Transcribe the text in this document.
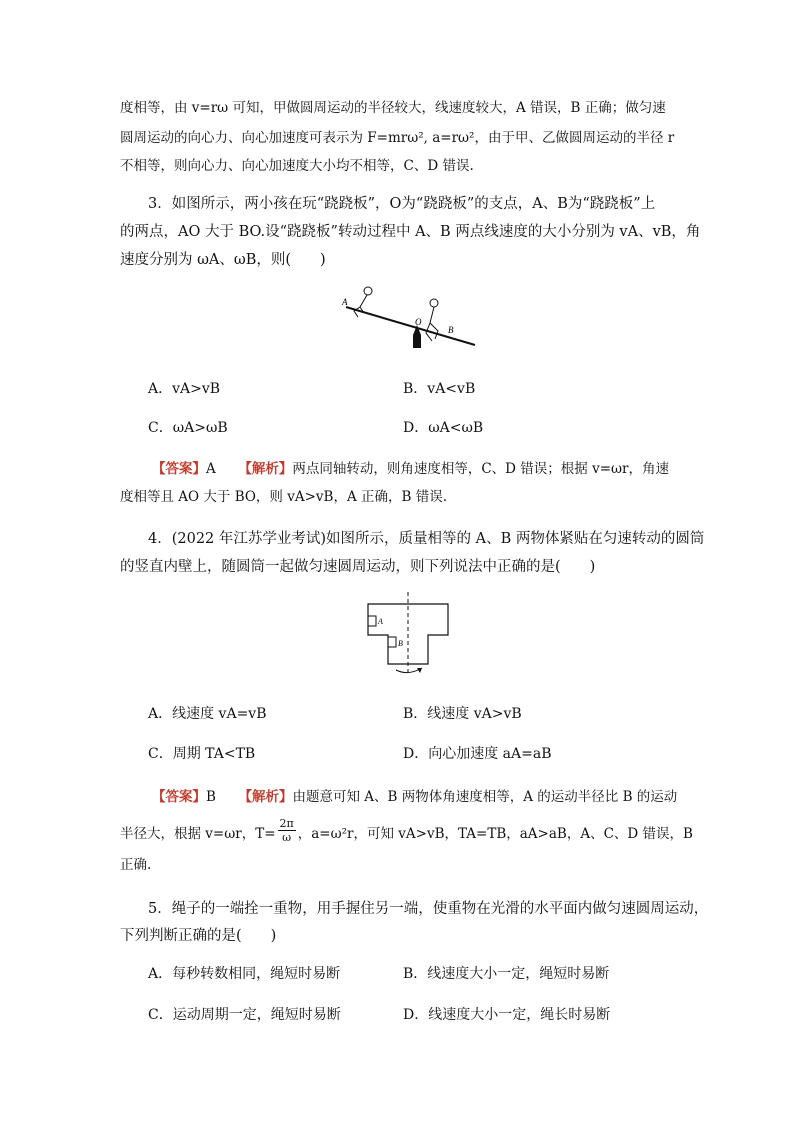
度相等，由 v=rω 可知，甲做圆周运动的半径较大，线速度较大，A 错误，B 正确；做匀速
圆周运动的向心力、向心加速度可表示为 F=mrω², a=rω²，由于甲、乙做圆周运动的半径 r
不相等，则向心力、向心加速度大小均不相等，C、D 错误.
3．如图所示，两小孩在玩“跷跷板”，O为“跷跷板”的支点，A、B为“跷跷板”上
的两点，AO 大于 BO.设“跷跷板”转动过程中 A、B 两点线速度的大小分别为 vA、vB，角
速度分别为 ωA、ωB，则(　　)
A
O
B
A．vA>vB	B．vA<vB
C．ωA>ωB	D．ωA<ωB
【答案】A 【解析】两点同轴转动，则角速度相等，C、D 错误；根据 v=ωr，角速
度相等且 AO 大于 BO，则 vA>vB，A 正确，B 错误.
4．(2022 年江苏学业考试)如图所示，质量相等的 A、B 两物体紧贴在匀速转动的圆筒
的竖直内壁上，随圆筒一起做匀速圆周运动，则下列说法中正确的是(　　)
A
B
A．线速度 vA=vB	B．线速度 vA>vB
C．周期 TA<TB	D．向心加速度 aA=aB
【答案】B 【解析】由题意可知 A、B 两物体角速度相等，A 的运动半径比 B 的运动
半径大，根据 v=ωr，$T= \frac{2\pi}{\omega}$ ，a=ω²r，可知 vA>vB，TA=TB，aA>aB，A、C、D 错误，B
正确.
5．绳子的一端拴一重物，用手握住另一端，使重物在光滑的水平面内做匀速圆周运动，
下列判断正确的是(　　)
A．每秒转数相同，绳短时易断	B．线速度大小一定，绳短时易断
C．运动周期一定，绳短时易断	D．线速度大小一定，绳长时易断
